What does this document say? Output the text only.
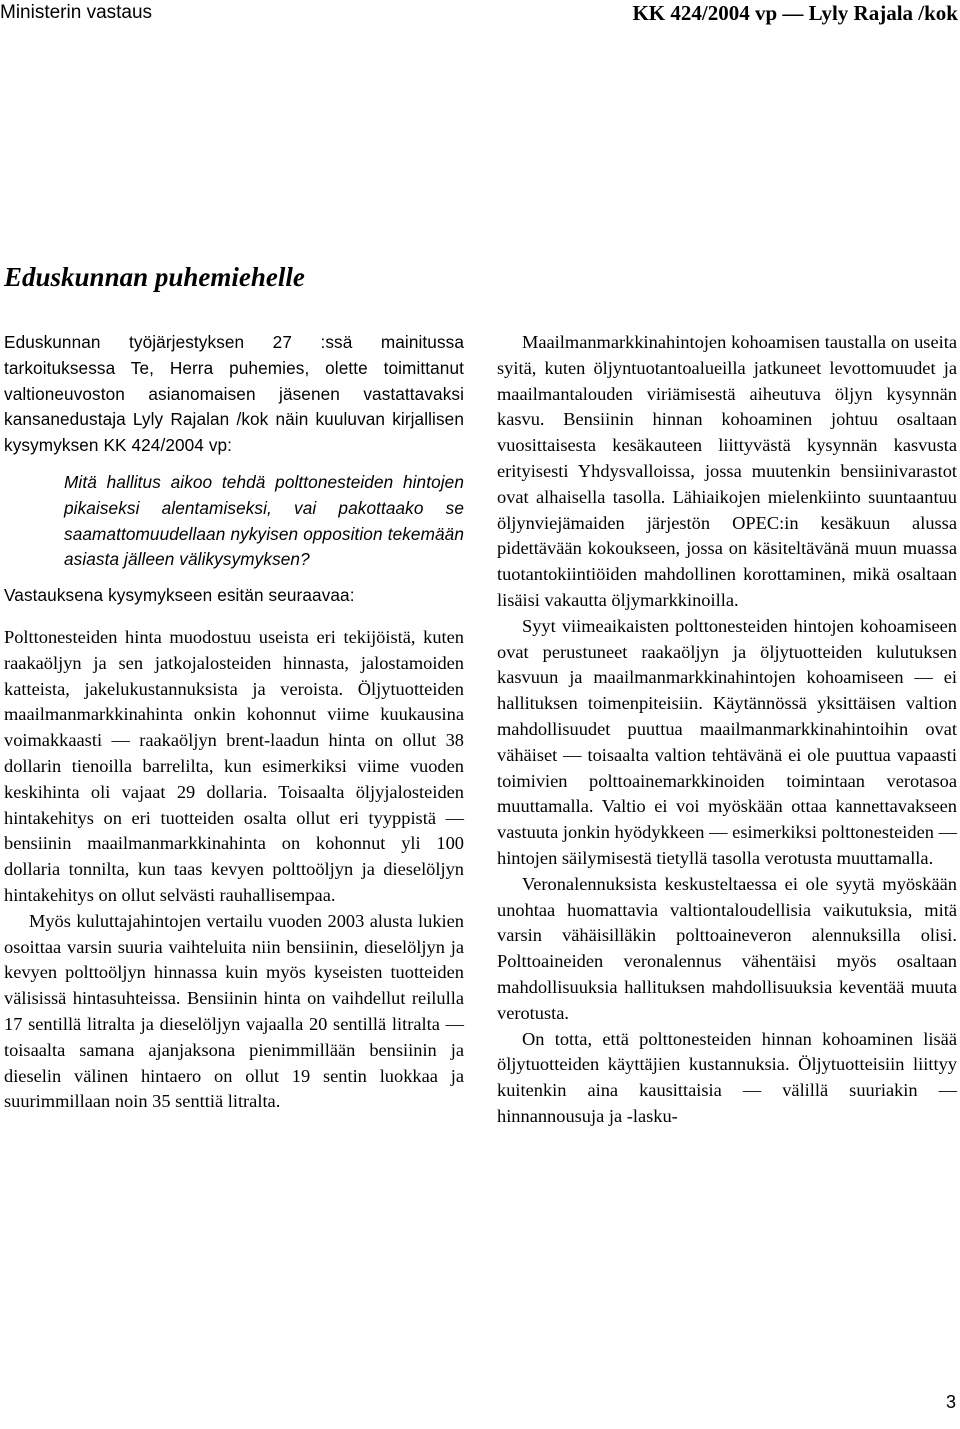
Ministerin vastaus	KK 424/2004 vp — Lyly Rajala /kok
Eduskunnan puhemiehelle

Eduskunnan työjärjestyksen 27 :ssä mainitussa tarkoituksessa Te, Herra puhemies, olette toimittanut valtioneuvoston asianomaisen jäsenen vastattavaksi kansanedustaja Lyly Rajalan /kok näin kuuluvan kirjallisen kysymyksen KK 424/2004 vp:

Mitä hallitus aikoo tehdä polttonesteiden hintojen pikaiseksi alentamiseksi, vai pakottaako se saamattomuudellaan nykyisen opposition tekemään asiasta jälleen välikysymyksen?

Vastauksena kysymykseen esitän seuraavaa:

Polttonesteiden hinta muodostuu useista eri tekijöistä, kuten raakaöljyn ja sen jatkojalosteiden hinnasta, jalostamoiden katteista, jakelukustannuksista ja veroista. Öljytuotteiden maailmanmarkkinahinta onkin kohonnut viime kuukausina voimakkaasti — raakaöljyn brent-laadun hinta on ollut 38 dollarin tienoilla barrelilta, kun esimerkiksi viime vuoden keskihinta oli vajaat 29 dollaria. Toisaalta öljyjalosteiden hintakehitys on eri tuotteiden osalta ollut eri tyyppistä — bensiinin maailmanmarkkinahinta on kohonnut yli 100 dollaria tonnilta, kun taas kevyen polttoöljyn ja dieselöljyn hintakehitys on ollut selvästi rauhallisempaa.

Myös kuluttajahintojen vertailu vuoden 2003 alusta lukien osoittaa varsin suuria vaihteluita niin bensiinin, dieselöljyn ja kevyen polttoöljyn hinnassa kuin myös kyseisten tuotteiden välisissä hintasuhteissa. Bensiinin hinta on vaihdellut reilulla 17 sentillä litralta ja dieselöljyn vajaalla 20 sentillä litralta — toisaalta samana ajanjaksona pienimmillään bensiinin ja dieselin välinen hintaero on ollut 19 sentin luokkaa ja suurimmillaan noin 35 senttiä litralta.

Maailmanmarkkinahintojen kohoamisen taustalla on useita syitä, kuten öljyntuotantoalueilla jatkuneet levottomuudet ja maailmantalouden viriämisestä aiheutuva öljyn kysynnän kasvu. Bensiinin hinnan kohoaminen johtuu osaltaan vuosittaisesta kesäkauteen liittyvästä kysynnän kasvusta erityisesti Yhdysvalloissa, jossa muutenkin bensiinivarastot ovat alhaisella tasolla. Lähiaikojen mielenkiinto suuntaantuu öljynviejämaiden järjestön OPEC:in kesäkuun alussa pidettävään kokoukseen, jossa on käsiteltävänä muun muassa tuotantokiintiöiden mahdollinen korottaminen, mikä osaltaan lisäisi vakautta öljymarkkinoilla.

Syyt viimeaikaisten polttonesteiden hintojen kohoamiseen ovat perustuneet raakaöljyn ja öljytuotteiden kulutuksen kasvuun ja maailmanmarkkinahintojen kohoamiseen — ei hallituksen toimenpiteisiin. Käytännössä yksittäisen valtion mahdollisuudet puuttua maailmanmarkkinahintoihin ovat vähäiset — toisaalta valtion tehtävänä ei ole puuttua vapaasti toimivien polttoainemarkkinoiden toimintaan verotasoa muuttamalla. Valtio ei voi myöskään ottaa kannettavakseen vastuuta jonkin hyödykkeen — esimerkiksi polttonesteiden — hintojen säilymisestä tietyllä tasolla verotusta muuttamalla.

Veronalennuksista keskusteltaessa ei ole syytä myöskään unohtaa huomattavia valtiontaloudellisia vaikutuksia, mitä varsin vähäisilläkin polttoaineveron alennuksilla olisi. Polttoaineiden veronalennus vähentäisi myös osaltaan mahdollisuuksia hallituksen mahdollisuuksia keventää muuta verotusta.

On totta, että polttonesteiden hinnan kohoaminen lisää öljytuotteiden käyttäjien kustannuksia. Öljytuotteisiin liittyy kuitenkin aina kausittaisia — välillä suuriakin — hinnannousuja ja -lasku-

3
